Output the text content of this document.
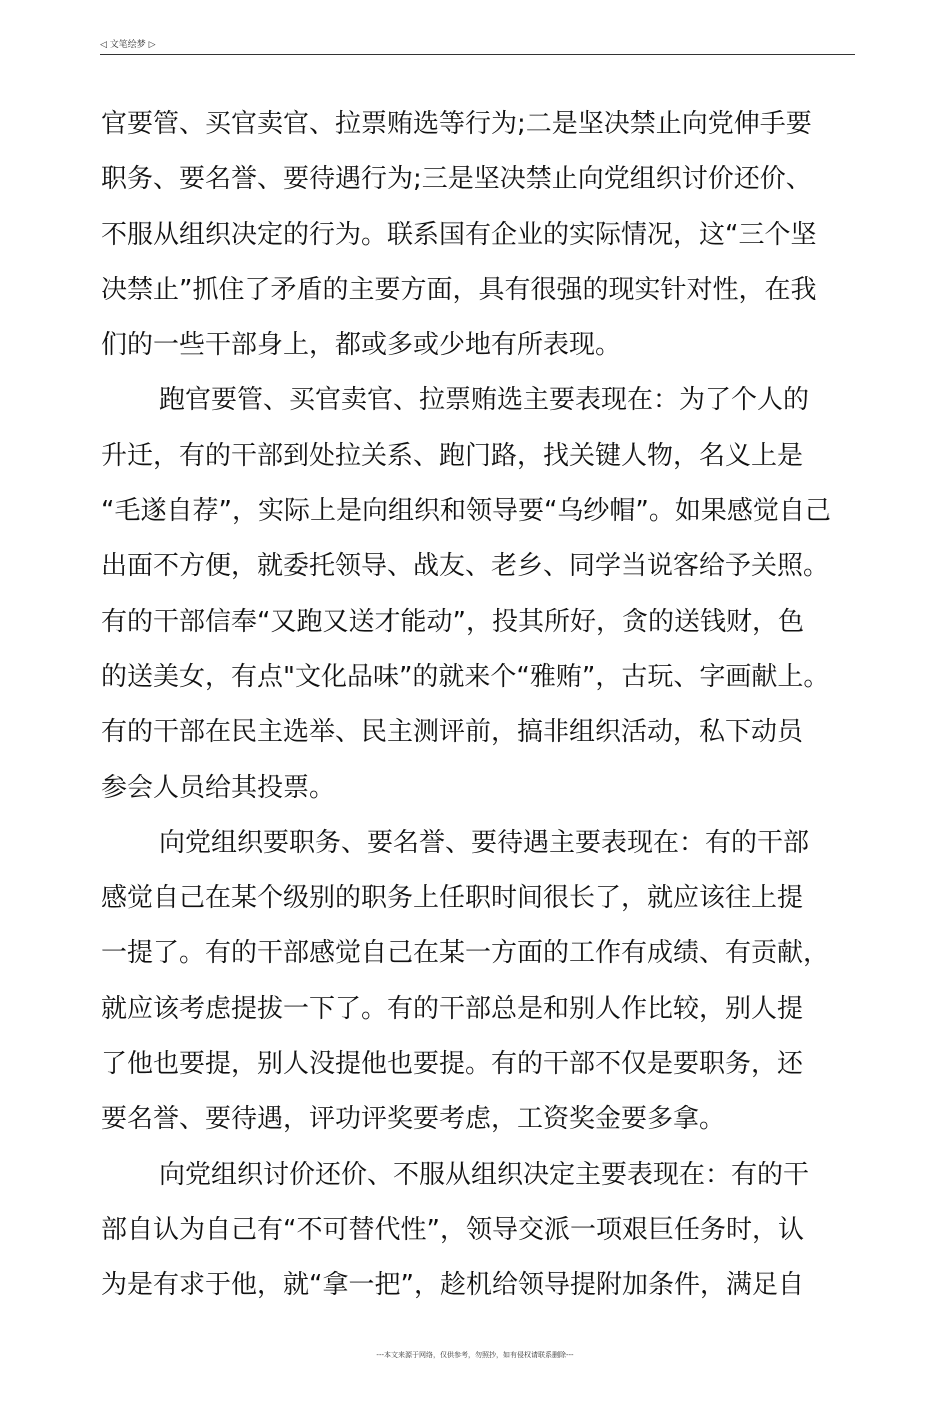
◁ 文笔绘梦 ▷
官要管、买官卖官、拉票贿选等行为;二是坚决禁止向党伸手要
职务、要名誉、要待遇行为;三是坚决禁止向党组织讨价还价、
不服从组织决定的行为。联系国有企业的实际情况，这“三个坚
决禁止”抓住了矛盾的主要方面，具有很强的现实针对性，在我
们的一些干部身上，都或多或少地有所表现。
跑官要管、买官卖官、拉票贿选主要表现在：为了个人的
升迁，有的干部到处拉关系、跑门路，找关键人物，名义上是
“毛遂自荐”，实际上是向组织和领导要“乌纱帽”。如果感觉自己
出面不方便，就委托领导、战友、老乡、同学当说客给予关照。
有的干部信奉“又跑又送才能动”，投其所好，贪的送钱财，色
的送美女，有点"文化品味”的就来个“雅贿”，古玩、字画献上。
有的干部在民主选举、民主测评前，搞非组织活动，私下动员
参会人员给其投票。
向党组织要职务、要名誉、要待遇主要表现在：有的干部
感觉自己在某个级别的职务上任职时间很长了，就应该往上提
一提了。有的干部感觉自己在某一方面的工作有成绩、有贡献，
就应该考虑提拔一下了。有的干部总是和别人作比较，别人提
了他也要提，别人没提他也要提。有的干部不仅是要职务，还
要名誉、要待遇，评功评奖要考虑，工资奖金要多拿。
向党组织讨价还价、不服从组织决定主要表现在：有的干
部自认为自己有“不可替代性”，领导交派一项艰巨任务时，认
为是有求于他，就“拿一把”，趁机给领导提附加条件，满足自
---本文来源于网络，仅供参考，勿照抄，如有侵权请联系删除---
